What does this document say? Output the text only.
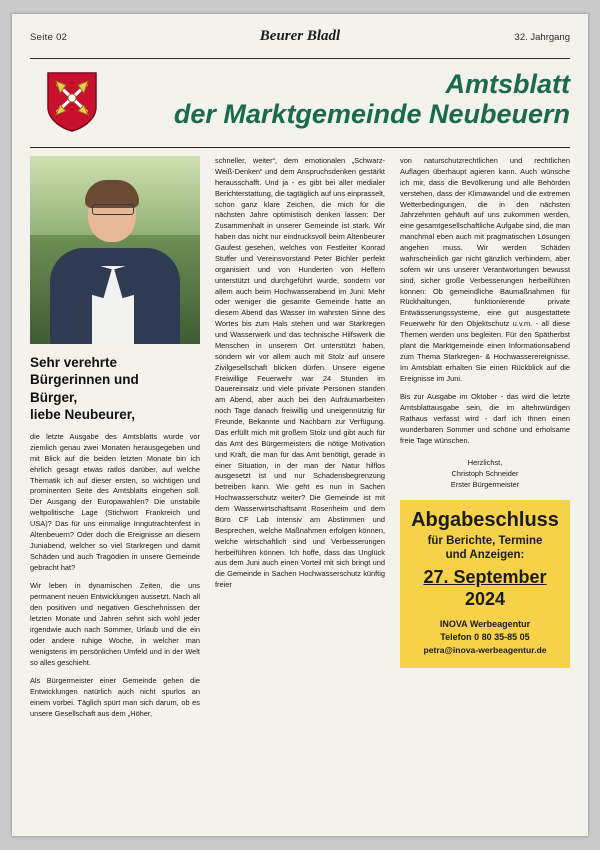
Seite 02	Beurer Bladl	32. Jahrgang
Amtsblatt
der Marktgemeinde Neubeuern
Sehr verehrte
Bürgerinnen und
Bürger,
liebe Neubeurer,

die letzte Ausgabe des Amtsblatts wurde vor ziemlich genau zwei Monaten herausgegeben und mit Blick auf die beiden letzten Monate bin ich ehrlich gesagt etwas ratlos darüber, auf welche Thematik ich auf dieser ersten, so wichtigen und prominenten Seite des Amtsblatts eingehen soll. Der Ausgang der Europawahlen? Die unstabile weltpolitische Lage (Stichwort Frankreich und USA)? Das für uns einmalige Inngutrachtenfest in Altenbeuern? Oder doch die Ereignisse an diesem Juniabend, welcher so viel Starkregen und damit Schäden und auch Tragödien in unsere Gemeinde gebracht hat?

Wir leben in dynamischen Zeiten, die uns permanent neuen Entwicklungen aussetzt. Nach all den positiven und negativen Geschehnissen der letzten Monate und Jahren sehnt sich wohl jeder irgendwie auch nach Sommer, Urlaub und die ein oder andere ruhige Woche, in welcher man wenigstens im persönlichen Umfeld und in der Welt so alles geschieht.

Als Bürgermeister einer Gemeinde gehen die Entwicklungen natürlich auch nicht spurlos an einem vorbei. Täglich spürt man sich darum, ob es unsere Gesellschaft aus dem „Höher,

schneller, weiter“, dem emotionalen „Schwarz-Weiß-Denken“ und dem Anspruchsdenken gestärkt herausschafft. Und ja - es gibt bei aller medialer Berichterstattung, die tagtäglich auf uns einprasselt, schon ganz klare Zeichen, die mich für die nächsten Jahre optimistisch denken lassen: Der Zusammenhalt in unserer Gemeinde ist stark. Wir haben das nicht nur eindrucksvoll beim Altenbeurer Gaufest gesehen, welches von Festleiter Konrad Stuffer und Vereinsvorstand Peter Bichler perfekt organisiert und von Hunderten von Helfern unterstützt und durchgeführt wurde, sondern vor allem auch beim Hochwasserabend im Juni: Mehr oder weniger die gesamte Gemeinde hatte an diesem Abend das Wasser im wahrsten Sinne des Wortes bis zum Hals stehen und war Starkregen und Wasserwerk und das technische Hilfswerk die Menschen in unserem Ort unterstützt haben, sondern wir vor allem auch mit Stolz auf unsere Zivilgesellschaft blicken dürfen. Unsere eigene Freiwillige Feuerwehr war 24 Stunden im Dauereinsatz und viele private Personen standen am Abend, aber auch bei den Aufräumarbeiten noch Tage danach freiwillig und uneigennützig für Freunde, Bekannte und Nachbarn zur Verfügung. Das erfüllt mich mit großem Stolz und gibt auch für das Amt des Bürgermeisters die nötige Motivation und Kraft, die man für das Amt benötigt, gerade in einer Situation, in der man der Natur hilflos ausgesetzt ist und nur Schadensbegrenzung betreiben kann. Wie geht es nun in Sachen Hochwasserschutz weiter? Die Gemeinde ist mit dem Wasserwirtschaftsamt Rosenheim und dem Büro CF Lab intensiv am Abstimmen und Besprechen, welche Maßnahmen erfolgen können, welche wirtschaftlich sind und Verbesserungen herbeiführen können. Ich hoffe, dass das Unglück aus dem Juni auch einen Vorteil mit sich bringt und die Gemeinde in Sachen Hochwasserschutz künftig freier

von naturschutzrechtlichen und rechtlichen Auflagen überhaupt agieren kann. Auch wünsche ich mir, dass die Bevölkerung und alle Behörden verstehen, dass der Klimawandel und die extremen Wetterbedingungen, die in den nächsten Jahrzehnten gehäuft auf uns zukommen werden, eine gesamtgesellschaftliche Aufgabe sind, die man manchmal eben auch mit pragmatischen Lösungen angehen muss. Wir werden Schäden wahrscheinlich gar nicht gänzlich verhindern, aber sofern wir uns unserer Verantwortungen bewusst sind, sicher große Verbesserungen herbeiführen können: Ob gemeindliche Baumaßnahmen für Rückhaltungen, funktionierende private Entwässerungssysteme, eine gut ausgestattete Feuerwehr für den Objektschutz u.v.m. - all diese Themen werden uns begleiten. Für den Spätherbst plant die Marktgemeinde einen Informationsabend zum Thema Starkregen- & Hochwasserereignisse. Im Amtsblatt erhalten Sie einen Rückblick auf die Ereignisse im Juni.

Bis zur Ausgabe im Oktober - das wird die letzte Amtsblattausgabe sein, die im altehrwürdigen Rathaus verfasst wird - darf ich Ihnen einen wunderbaren Sommer und schöne und erholsame freie Tage wünschen.

Herzlichst,
Christoph Schneider
Erster Bürgermeister
Abgabeschluss
für Berichte, Termine
und Anzeigen:
27. September
2024
INOVA Werbeagentur
Telefon 0 80 35-85 05
petra@inova-werbeagentur.de
